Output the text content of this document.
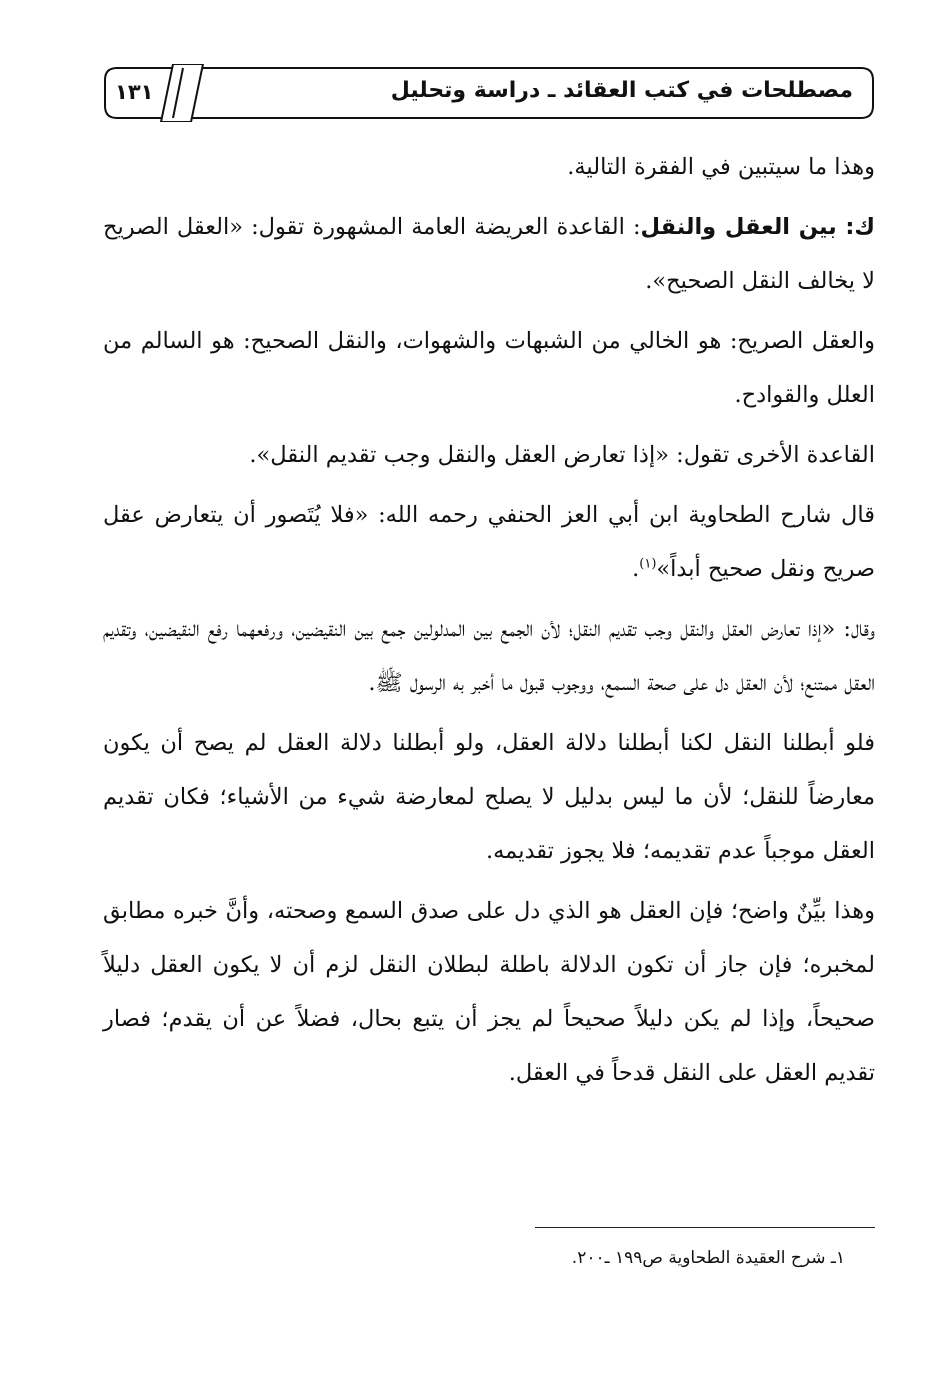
١٣١	مصطلحات في كتب العقائد ـ دراسة وتحليل

وهذا ما سيتبين في الفقرة التالية.

ك: بين العقل والنقل: القاعدة العريضة العامة المشهورة تقول: «العقل الصريح لا يخالف النقل الصحيح».

والعقل الصريح: هو الخالي من الشبهات والشهوات، والنقل الصحيح: هو السالم من العلل والقوادح.

القاعدة الأخرى تقول: «إذا تعارض العقل والنقل وجب تقديم النقل».

قال شارح الطحاوية ابن أبي العز الحنفي رحمه الله: «فلا يُتَصور أن يتعارض عقل صريح ونقل صحيح أبداً»$^{(١)}$.

وقال: «إذا تعارض العقل والنقل وجب تقديم النقل؛ لأن الجمع بين المدلولين جمع بين النقيضين، ورفعهما رفع النقيضين، وتقديم العقل ممتنع؛ لأن العقل دل على صحة السمع، ووجوب قبول ما أخبر به الرسول ﷺ.

فلو أبطلنا النقل لكنا أبطلنا دلالة العقل، ولو أبطلنا دلالة العقل لم يصح أن يكون معارضاً للنقل؛ لأن ما ليس بدليل لا يصلح لمعارضة شيء من الأشياء؛ فكان تقديم العقل موجباً عدم تقديمه؛ فلا يجوز تقديمه.

وهذا بيِّنٌ واضح؛ فإن العقل هو الذي دل على صدق السمع وصحته، وأنَّ خبره مطابق لمخبره؛ فإن جاز أن تكون الدلالة باطلة لبطلان النقل لزم أن لا يكون العقل دليلاً صحيحاً، وإذا لم يكن دليلاً صحيحاً لم يجز أن يتبع بحال، فضلاً عن أن يقدم؛ فصار تقديم العقل على النقل قدحاً في العقل.

١ـ شرح العقيدة الطحاوية ص١٩٩ ـ٢٠٠.
